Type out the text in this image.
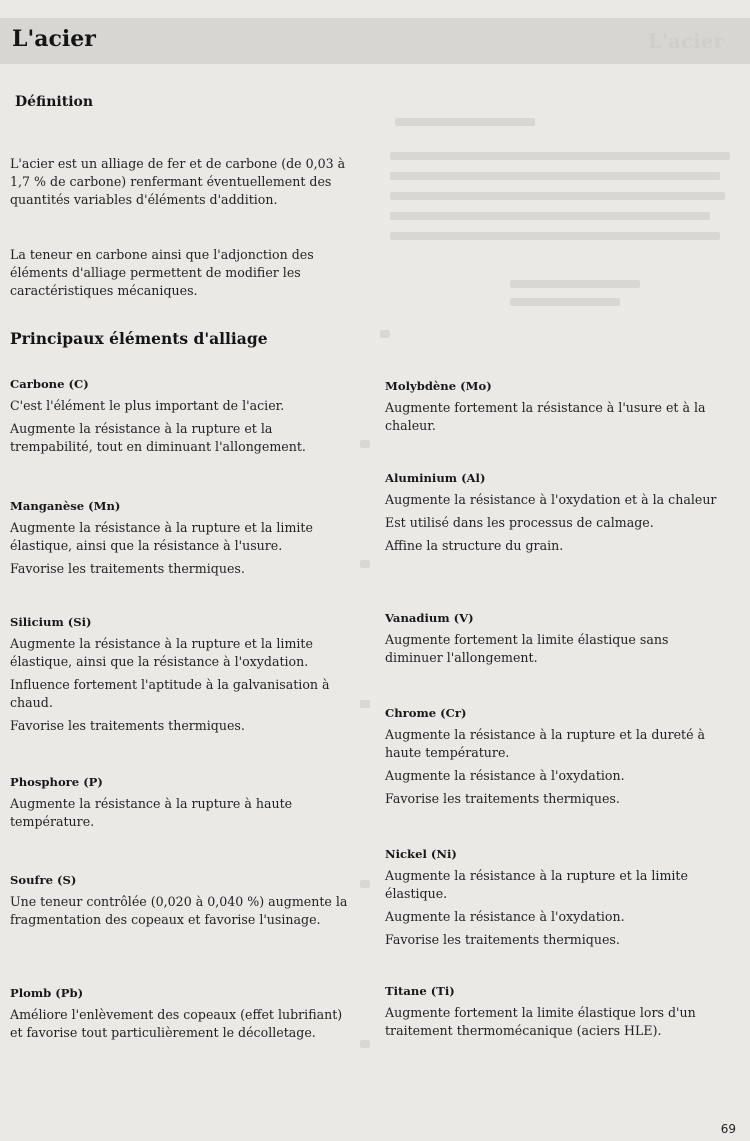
L'acier	L'acier
Définition

L'acier est un alliage de fer et de carbone (de 0,03 à 1,7 % de carbone) renfermant éventuellement des quantités variables d'éléments d'addition.

La teneur en carbone ainsi que l'adjonction des éléments d'alliage permettent de modifier les caractéristiques mécaniques.

Principaux éléments d'alliage
Carbone (C)

C'est l'élément le plus important de l'acier.

Augmente la résistance à la rupture et la trempabilité, tout en diminuant l'allongement.

Manganèse (Mn)

Augmente la résistance à la rupture et la limite élastique, ainsi que la résistance à l'usure.

Favorise les traitements thermiques.

Silicium (Si)

Augmente la résistance à la rupture et la limite élastique, ainsi que la résistance à l'oxydation.

Influence fortement l'aptitude à la galvanisation à chaud.

Favorise les traitements thermiques.

Phosphore (P)

Augmente la résistance à la rupture à haute température.

Soufre (S)

Une teneur contrôlée (0,020 à 0,040 %) augmente la fragmentation des copeaux et favorise l'usinage.

Plomb (Pb)

Améliore l'enlèvement des copeaux (effet lubrifiant) et favorise tout particulièrement le décolletage.

Molybdène (Mo)

Augmente fortement la résistance à l'usure et à la chaleur.

Aluminium (Al)

Augmente la résistance à l'oxydation et à la chaleur

Est utilisé dans les processus de calmage.

Affine la structure du grain.

Vanadium (V)

Augmente fortement la limite élastique sans diminuer l'allongement.

Chrome (Cr)

Augmente la résistance à la rupture et la dureté à haute température.

Augmente la résistance à l'oxydation.

Favorise les traitements thermiques.

Nickel (Ni)

Augmente la résistance à la rupture et la limite élastique.

Augmente la résistance à l'oxydation.

Favorise les traitements thermiques.

Titane (Ti)

Augmente fortement la limite élastique lors d'un traitement thermomécanique (aciers HLE).

69
